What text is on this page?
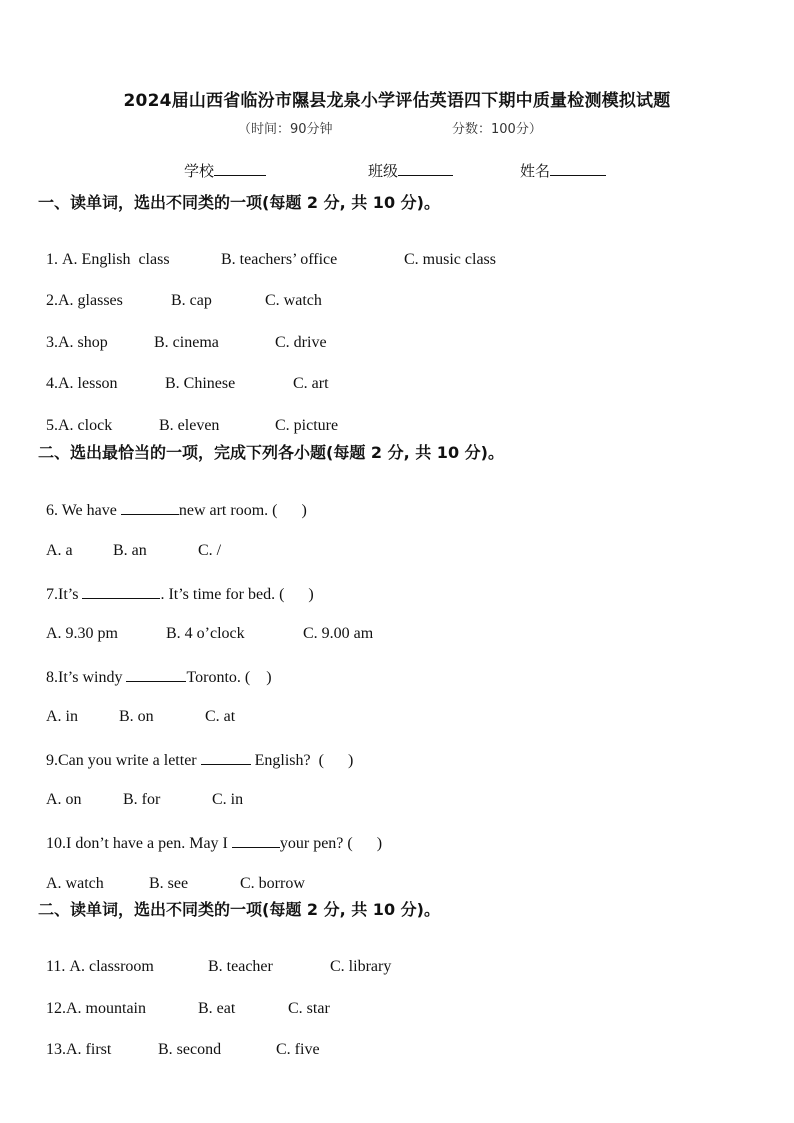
2024届山西省临汾市隰县龙泉小学评估英语四下期中质量检测模拟试题
（时间：90分钟	分数：100分）
学校	班级	姓名
一、读单词，选出不同类的一项(每题 2 分, 共 10 分)。

1. A. English  class	B. teachers’ office	C. music class

2.A. glasses	B. cap	C. watch

3.A. shop	B. cinema	C. drive

4.A. lesson	B. Chinese	C. art

5.A. clock	B. eleven	C. picture

二、选出最恰当的一项，完成下列各小题(每题 2 分, 共 10 分)。

6. We have	new art room. (      )

A. a	B. an	C. /

7.It’s	. It’s time for bed. (      )

A. 9.30 pm	B. 4 o’clock	C. 9.00 am

8.It’s windy	Toronto. (    )

A. in	B. on	C. at

9.Can you write a letter	English?  (      )

A. on	B. for	C. in

10.I don’t have a pen. May I	your pen? (      )

A. watch	B. see	C. borrow

二、读单词，选出不同类的一项(每题 2 分, 共 10 分)。

11. A. classroom	B. teacher	C. library

12.A. mountain	B. eat	C. star

13.A. first	B. second	C. five
